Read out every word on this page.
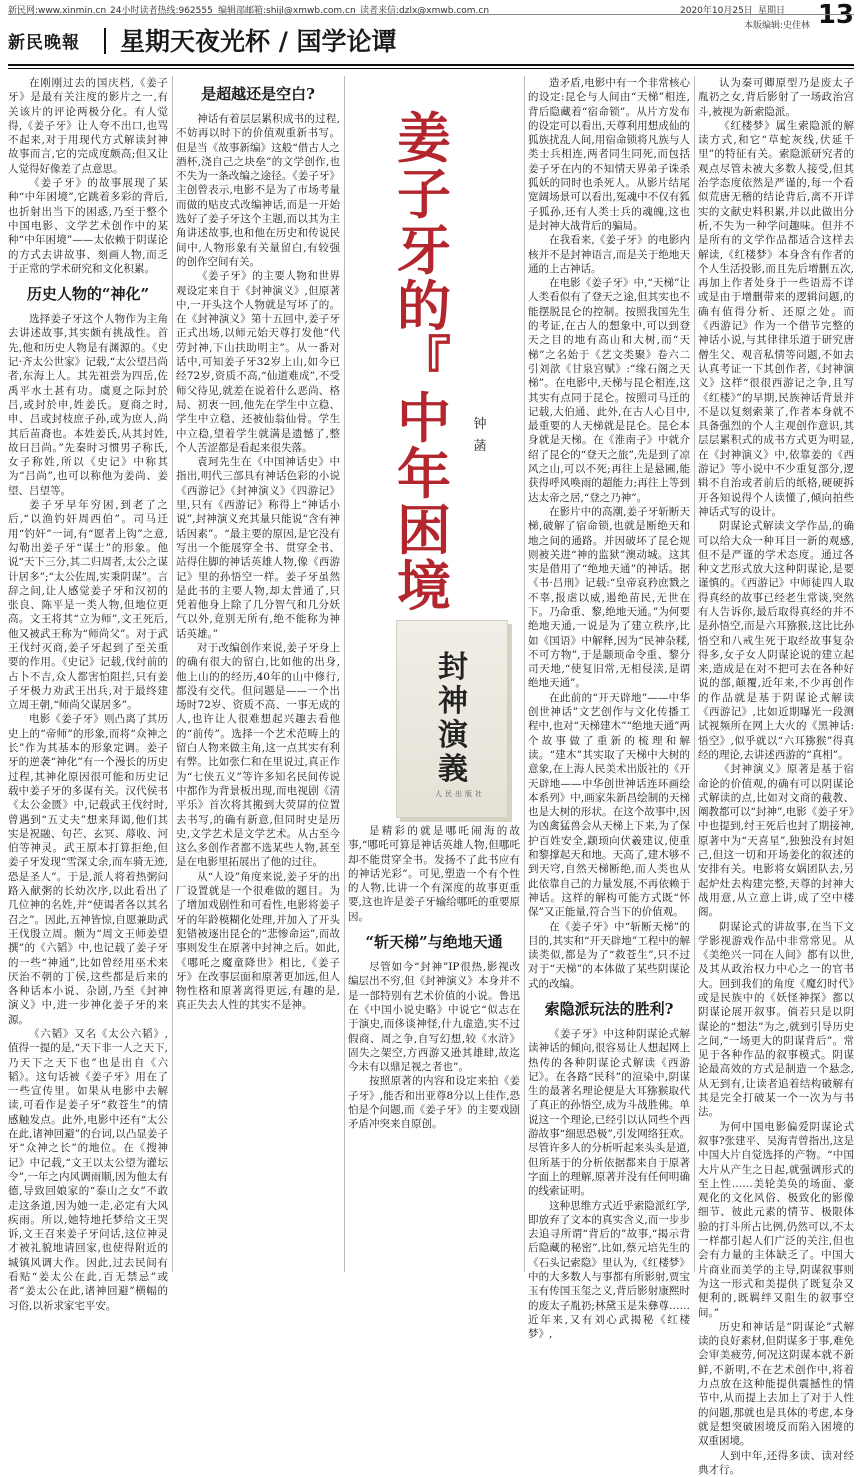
新民网:www.xinmin.cn 24小时读者热线:962555 编辑部邮箱:shijl@xmwb.com.cn 读者来信:dzlx@xmwb.com.cn	2020年10月25日 星期日 13
本版编辑:史佳林
新民晚報 星期天夜光杯 / 国学论谭

在刚刚过去的国庆档,《姜子牙》是最有关注度的影片之一,有关该片的评论两极分化。有人觉得,《姜子牙》让人夸不出口,也骂不起来,对于用现代方式解读封神故事而言,它的完成度颇高;但又让人觉得好像差了点意思。

《姜子牙》的故事展现了某种“中年困境”,它跳着多彩的背后,也折射出当下的困惑,乃至于整个中国电影、文学艺术创作中的某种“中年困境”——太依赖于阴谋论的方式去讲故事、刻画人物,而乏于正常的学术研究和文化积累。

历史人物的“神化”

选择姜子牙这个人物作为主角去讲述故事,其实颇有挑战性。首先,他和历史人物是有渊源的。《史记·齐太公世家》记载,“太公望吕尚者,东海上人。其先祖尝为四岳,佐禹平水土甚有功。虞夏之际封於吕,或封於申,姓姜氏。夏商之时,申、吕或封枝庶子孙,或为庶人,尚其后苗裔也。本姓姜氏,从其封姓,故曰吕尚。”先秦时习惯男子称氏,女子称姓,所以《史记》中称其为“吕尚”,也可以称他为姜尚、姜望、吕望等。

姜子牙早年穷困,到老了之后,“以渔钓奸周西伯”。司马迁用“钓奸”一词,有“愿者上钩”之意,勾勒出姜子牙“谋士”的形象。他说“天下三分,其二归周者,太公之谋计居多”;“太公佐周,实秉阴谋”。言辞之间,让人感觉姜子牙和汉初的张良、陈平是一类人物,但地位更高。文王将其“立为师”,文王死后,他又被武王称为“师尚父”。对于武王伐纣灭商,姜子牙起到了至关重要的作用。《史记》记载,伐纣前的占卜不吉,众人都害怕阻拦,只有姜子牙极力劝武王出兵,对于最终建立周王朝,“师尚父谋居多”。

电影《姜子牙》则凸离了其历史上的“帝师”的形象,而将“众神之长”作为其基本的形象定调。姜子牙的逆袭“神化”有一个漫长的历史过程,其神化原因很可能和历史记载中姜子牙的多谋有关。汉代侯书《太公金匮》中,记载武王伐纣时,曾遇到“五丈夫”想来拜谒,他们其实是祝融、句芒、玄冥、蓐收、河伯等神灵。武王原本打算拒绝,但姜子牙发现“雪深丈余,而车骑无迹,恐是圣人”。于是,派人将着热粥问路入献粥的长幼次序,以此看出了几位神的名姓,并“使谒者各以其名召之”。因此,五神皆惊,自愿兼助武王伐殷立周。颇为“周文王师姜望撰”的《六韬》中,也记载了姜子牙的一些“神通”,比如曾经用巫术来厌治不朝的丁侯,这些都是后来的各种话本小说、杂剧,乃至《封神演义》中,进一步神化姜子牙的来源。

《六韬》又名《太公六韬》,值得一提的是,“天下非一人之天下,乃天下之天下也”也是出自《六韬》。这句话被《姜子牙》用在了一些宣传里。如果从电影中去解读,可看作是姜子牙“救苍生”的情感触发点。此外,电影中还有“太公在此,诸神回避”的台词,以凸显姜子牙“众神之长”的地位。在《搜神记》中记载,“文王以太公望为灌坛令”,一年之内风调雨顺,因为他太有德,导致回娘家的“泰山之女”不敢走这条道,因为她一走,必定有大风疾雨。所以,她特地托梦给文王哭诉,文王召来姜子牙问话,这位神灵才被礼貌地请回家,也使得附近的城镇风调大作。因此,过去民间有看贴“姜太公在此,百无禁忌”或者“姜太公在此,诸神回避”横幅的习俗,以祈求家宅平安。

是超越还是空白?

神话有着层层累积成书的过程,不妨再以时下的价值观重新书写。但是当《故事新编》这般“借古人之酒杯,浇自己之块垒”的文学创作,也不失为一条改编之途径。《姜子牙》主创曾表示,电影不是为了市场考量而做的贴皮式改编神话,而是一开始选好了姜子牙这个主题,而以其为主角讲述故事,也和他在历史和传说民间中,人物形象有关量留白,有较强的创作空间有关。

《姜子牙》的主要人物和世界观设定来自于《封神演义》,但原著中,一开头这个人物就是写坏了的。在《封神演义》第十五回中,姜子牙正式出场,以师元始天尊打发他“代劳封神,下山扶助明主”。从一番对话中,可知姜子牙32岁上山,如今已经72岁,资质不高,“仙道难成”,不受师父待见,就差在说着什么恶尚、格局、初衷一回,他先在学生中立稳、学生中立稳、还被仙翁仙骨。学生中立稳,望着学生就满是遗憾了,整个人苦涩都是看起来很失落。

袁珂先生在《中国神话史》中指出,明代三部具有神话色彩的小说《西游记》《封神演义》《四游记》里,只有《西游记》称得上“神话小说”,封神演义充其量只能说“含有神话因素”。“最主要的原因,是它没有写出一个能展穿全书、贯穿全书、站得住脚的神话英雄人物,像《西游记》里的孙悟空一样。姜子牙虽然是此书的主要人物,却太普通了,只凭着他身上除了几分智气和几分妖气以外,竟别无所有,绝不能称为神话英雄。”

对于改编创作来说,姜子牙身上的确有很大的留白,比如他的出身,他上山的的经历,40年的山中修行,都没有交代。但问题是——一个出场时72岁、资质不高、一事无成的人,也许让人很难想起兴趣去看他的“前传”。选择一个艺术范畴上的留白人物来做主角,这一点其实有利有弊。比如张仁和在里说过,真正作为“七侠五义”等许多知名民间传说中都作为背景板出现,而电视剧《清平乐》首次将其搬到大荧屏的位置去书写,的确有新意,但同时史是历史,文学艺术是文学艺术。从古至今这么多创作者都不选某些人物,甚至是在电影里拓展出了他的过往。

从“人设”角度来说,姜子牙的出厂设置就是一个很难做的题目。为了增加戏剧性和可看性,电影将姜子牙的年龄模糊化处理,并加入了开头犯错被逐出昆仑的“悲惨命运”,而故事则发生在原著中封神之后。如此,《哪吒之魔童降世》相比,《姜子牙》在改事层面和原著更加远,但人物性格和原著离得更远,有趣的是,真正失去人性的其实不是神。

姜
子
牙
的
『
中
年
困
境
钟
菡
封
神
演
義
人民出版社

是精彩的就是哪吒闹海的故事,“哪吒可算是神话英雄人物,但哪吒却不能贯穿全书。发扬不了此书应有的神话光彩”。可见,塑造一个有个性的人物,比讲一个有深度的故事更重要,这也许是姜子牙输给哪吒的重要原因。

“斩天梯”与绝地天通

尽管如今“封神”IP很热,影视改编层出不穷,但《封神演义》本身并不是一部特别有艺术价值的小说。鲁迅在《中国小说史略》中说它“似志在于演史,而侈谈神怪,什九虚造,实不过假商、周之争,自写幻想,较《水浒》固失之架空,方西游又逊其雄肆,故迄今未有以鼎足视之者也”。

按照原著的内容和设定来拍《姜子牙》,能否和出亚尊8分以上佳作,恐怕是个问题,而《姜子牙》的主要戏剧矛盾冲突来自原创。

造矛盾,电影中有一个非常核心的设定:昆仑与人间由“天梯”相连,背后隐藏着“宿命锁”。从片方发布的设定可以看出,天尊利用想成仙的狐族扰乱人间,用宿命锁将凡族与人类士兵相连,两者同生同死,而包括姜子牙在内的不知情天界弟子诛杀狐妖的同时也杀死人。从影片结尾宽阔场景可以看出,冤魂中不仅有狐子狐孙,还有人类士兵的魂魄,这也是封神大战背后的骗局。

在我看来,《姜子牙》的电影内核并不是封神语言,而是关于绝地天通的上古神话。

在电影《姜子牙》中,“天梯”让人类看似有了登天之途,但其实也不能摆脱昆仑的控制。按照我国先生的考证,在古人的想象中,可以到登天之目的地有高山和大树,而“天梯”之名始于《艺文类聚》卷六二引刘歆《甘泉宫赋》:“缘石阁之天梯”。在电影中,天梯与昆仑相连,这其实有点同于昆仑。按照司马迁的记载,大伯通、此外,在古人心目中,最重要的人天梯就是昆仑。昆仑本身就是天梯。在《淮南子》中就介绍了昆仑的“登天之旅”,先是到了凉风之山,可以不死;再往上是悬圃,能获得呼风唤雨的超能力;再往上等到达太帝之居,“登之乃神”。

在影片中的高潮,姜子牙斩断天梯,破解了宿命锁,也就是断绝天和地之间的通路。并因破坏了昆仑规则被关进“神的监狱”澳动城。这其实是借用了“绝地天通”的神话。据《书·吕刑》记载:“皇帝哀矜庶戮之不辜,报虐以威,遏绝苗民,无世在下。乃命重、黎,绝地天通。”为何要绝地天通,一说是为了建立秩序,比如《国语》中解释,因为“民神杂糅,不可方物”,于是颛顼命令重、黎分司天地,“使复旧常,无相侵渎,是谓绝地天通”。

在此前的“开天辟地”——中华创世神话”文艺创作与文化传播工程中,也对“天梯建木”“绝地天通”两个故事做了重新的梳理和解读。“建木”其实取了天梯中大树的意象,在上海人民美术出版社的《开天辟地——中华创世神话连环画绘本系列》中,画家朱新昌绘制的天梯也是大树的形状。在这个故事中,因为凶禽猛兽会从天梯上下来,为了保护百姓安全,颛顼向伏羲建议,使重和黎撑起天和地。天高了,建木够不到天穹,自然天梯断绝,而人类也从此依靠自己的力量发展,不再依赖于神话。这样的解构可能方式既“怀保”又正能量,符合当下的价值观。

在《姜子牙》中“斩断天梯”的目的,其实和“开天辟地”工程中的解读类似,都是为了“救苍生”,只不过对于“天梯”的本体做了某些阴谋论式的改编。

索隐派玩法的胜利?

《姜子牙》中这种阴谋论式解读神话的倾向,很容易让人想起网上热传的各种阴谋论式解读《西游记》。在各路“民科”的渲染中,阴谋生的最著名理论便是大耳猕猴取代了真正的孙悟空,成为斗战胜佛。单说这一个理论,已经引以认同些个西游故事“细思恐极”,引发网络狂欢。尽管许多人的分析听起来头头是道,但所基于的分析依据都来自于原著字面上的理解,原著并没有任何明确的线索证明。

这种思维方式近乎索隐派红学,即放弃了文本的真实含义,而一步步去追寻所谓“背后的”故事,“揭示背后隐藏的秘密”,比如,蔡元培先生的《石头记索隐》里认为,《红楼梦》中的大多数人与事都有所影射,贾宝玉有传国玉玺之义,背后影射康熙时的废太子胤礽;林黛玉是朱彝尊……近年来,又有刘心武揭秘《红楼梦》,

认为秦可卿原型乃是废太子胤礽之女,背后影射了一场政治宫斗,被视为新索隐派。

《红楼梦》属生索隐派的解读方式,和它“草蛇灰线,伏延千里”的特征有关。索隐派研究者的观点尽管未被大多数人接受,但其治学态度依然是严谨的,每一个看似荒唐无稽的结论背后,离不开详实的文献史料积累,并以此做出分析,不失为一种学问趣味。但并不是所有的文学作品都适合这样去解读,《红楼梦》本身含有作者的个人生活投影,而且先后增删五次,再加上作者处身于一些语焉不详或是由于增删带来的逻辑问题,的确有值得分析、还原之处。而《西游记》作为一个借节完整的神话小说,与其律律乐道于研究唐僧生父、观音私情等问题,不如去认真考证一下其创作者,《封神演义》这样“很很西游记之争,且写《红楼》”的早期,民族神话背景并不是以复刻索莱了,作者本身就不具备强烈的个人主观创作意识,其层层累积式的成书方式更为明显,在《封神演义》中,依靠姜的《西游记》等小说中不少重复部分,逻辑不自治或者前后的纸格,硬硬拆开各知说得个人读懂了,倾向拍些神话式写的设计。

阴谋论式解读文学作品,的确可以给大众一种耳目一新的观感,但不是严谨的学术态度。通过各种文艺形式放大这种阴谋论,是要谨慎的。《西游记》中师徒四人取得真经的故事已经老生常谈,突然有人告诉你,最后取得真经的并不是孙悟空,而是六耳猕猴,这比比孙悟空和八戒生死于取经故事复杂得多,女子女人阴谋论说的建立起来,造成是在对不把可去在各种好说的部,颠覆,近年来,不少再创作的作品就是基于阴谋论式解读《西游记》,比如近期曝光一段测试视频所在网上大火的《黑神话:悟空》,似乎就以“六耳猕猴”得真经的理论,去讲述西游的“真相”。

《封神演义》原著是基于宿命论的价值观,的确有可以阴谋论式解读的点,比如对文商的截教、阐教都可以“封神”,电影《姜子牙》中也提到,纣王死后也封了期接神,原著中为“天喜星”,独独没有封妲己,但这一切和开场姜化的叙述的安排有关。电影将女娲团队去,另起炉灶去构建完整,天尊的封神大战用意,从立意上讲,成了空中楼阁。

阴谋论式的讲故事,在当下文学影视游戏作品中非常常见。从《美绝兴一同在人间》都有以世,及其从政治权力中心之一的官书大。回到我们的角度《魔幻时代》或是民族中的《妖怪神探》都以阴谋论展开叙事。倘若只是以阴谋论的“想法”为之,就到引导历史之间,“一场更大的阴谋背后”。常见于各种作品的叙事模式。阴谋论最高效的方式是制造一个悬念,从无到有,让读者追着结构破解有其是完全打破某一个一次为与书法。

为何中国电影偏爱阴谋论式叙事?张建平、吴海青曾指出,这是中国大片自觉选择的产物。“中国大片从产生之日起,就强调形式的至上性……美轮美奂的场面、豪观化的文化风俗、极致化的影像细节、彼此元素的情节、极限体验的打斗所占比例,仍然可以,不太一样都引起人们广泛的关注,但也会有力量的主体缺乏了。中国大片商业而美学的主导,阴谋叙事则为这一形式和美提供了既复杂又便利的,既羁绊又阻生的叙事空间。”

历史和神话是“阴谋论”式解读的良好素材,但阴谋多于事,难免会审美疲劳,何况这阴谋本就不新鲜,不新明,不在艺术创作中,将着力点放在这种能提供震撼性的情节中,从而提上去加上了对于人性的问题,那就也是具体的考虑,本身就是想突破困境反而陷入困境的双重困境。

人到中年,还得多读、读对经典才行。
